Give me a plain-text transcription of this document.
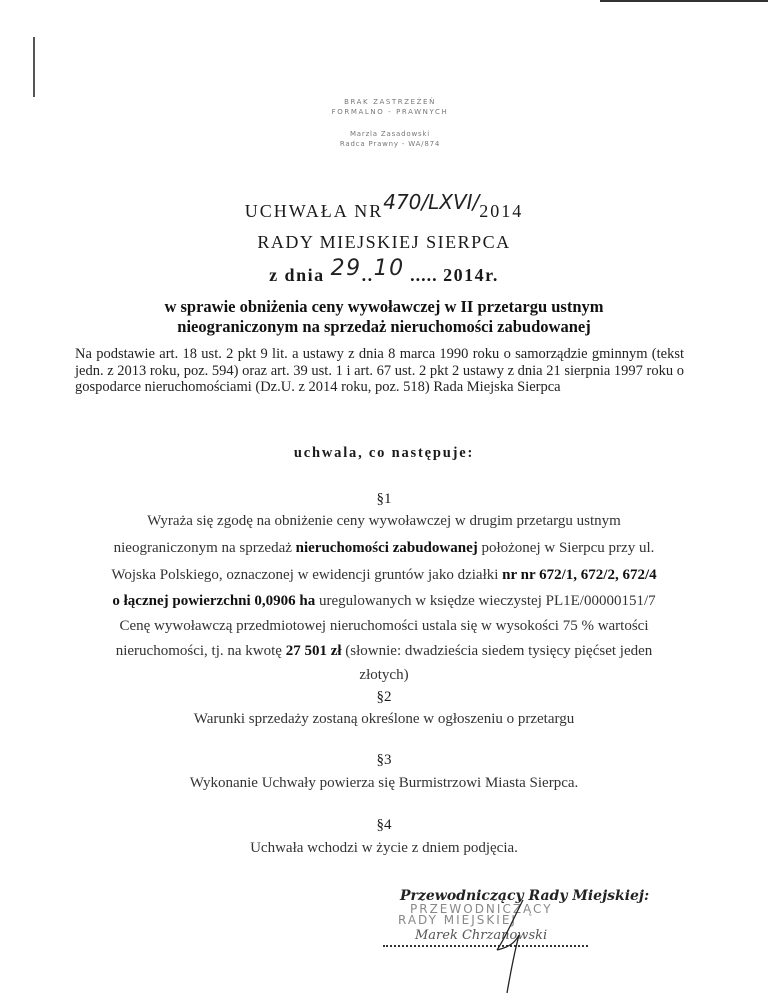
BRAK ZASTRZEŻEŃ
FORMALNO - PRAWNYCH
Marzla Zasadowski
Radca Prawny - WA/874
UCHWAŁA NR470/LXVI/2014
RADY MIEJSKIEJ SIERPCA
z dnia 29..10 ..... 2014r.
w sprawie obniżenia ceny wywoławczej w II przetargu ustnym
nieograniczonym na sprzedaż nieruchomości zabudowanej
Na podstawie art. 18 ust. 2 pkt 9 lit. a ustawy z dnia 8 marca 1990 roku o samorządzie gminnym (tekst jedn. z 2013 roku, poz. 594) oraz art. 39 ust. 1 i art. 67 ust. 2 pkt 2 ustawy z dnia 21 sierpnia 1997 roku o gospodarce nieruchomościami (Dz.U. z 2014 roku, poz. 518) Rada Miejska Sierpca
uchwala, co następuje:
§1
Wyraża się zgodę na obniżenie ceny wywoławczej w drugim przetargu ustnym
nieograniczonym na sprzedaż nieruchomości zabudowanej położonej w Sierpcu przy ul.
Wojska Polskiego, oznaczonej w ewidencji gruntów jako działki nr nr 672/1, 672/2, 672/4
o łącznej powierzchni 0,0906 ha uregulowanych w księdze wieczystej PL1E/00000151/7
Cenę wywoławczą przedmiotowej nieruchomości ustala się w wysokości 75 % wartości
nieruchomości, tj. na kwotę 27 501 zł (słownie: dwadzieścia siedem tysięcy pięćset jeden
złotych)
§2
Warunki sprzedaży zostaną określone w ogłoszeniu o przetargu
§3
Wykonanie Uchwały powierza się Burmistrzowi Miasta Sierpca.
§4
Uchwała wchodzi w życie z dniem podjęcia.
Przewodniczący Rady Miejskiej:
PRZEWODNICZĄCY
RADY MIEJSKIEJ
Marek Chrzanowski
